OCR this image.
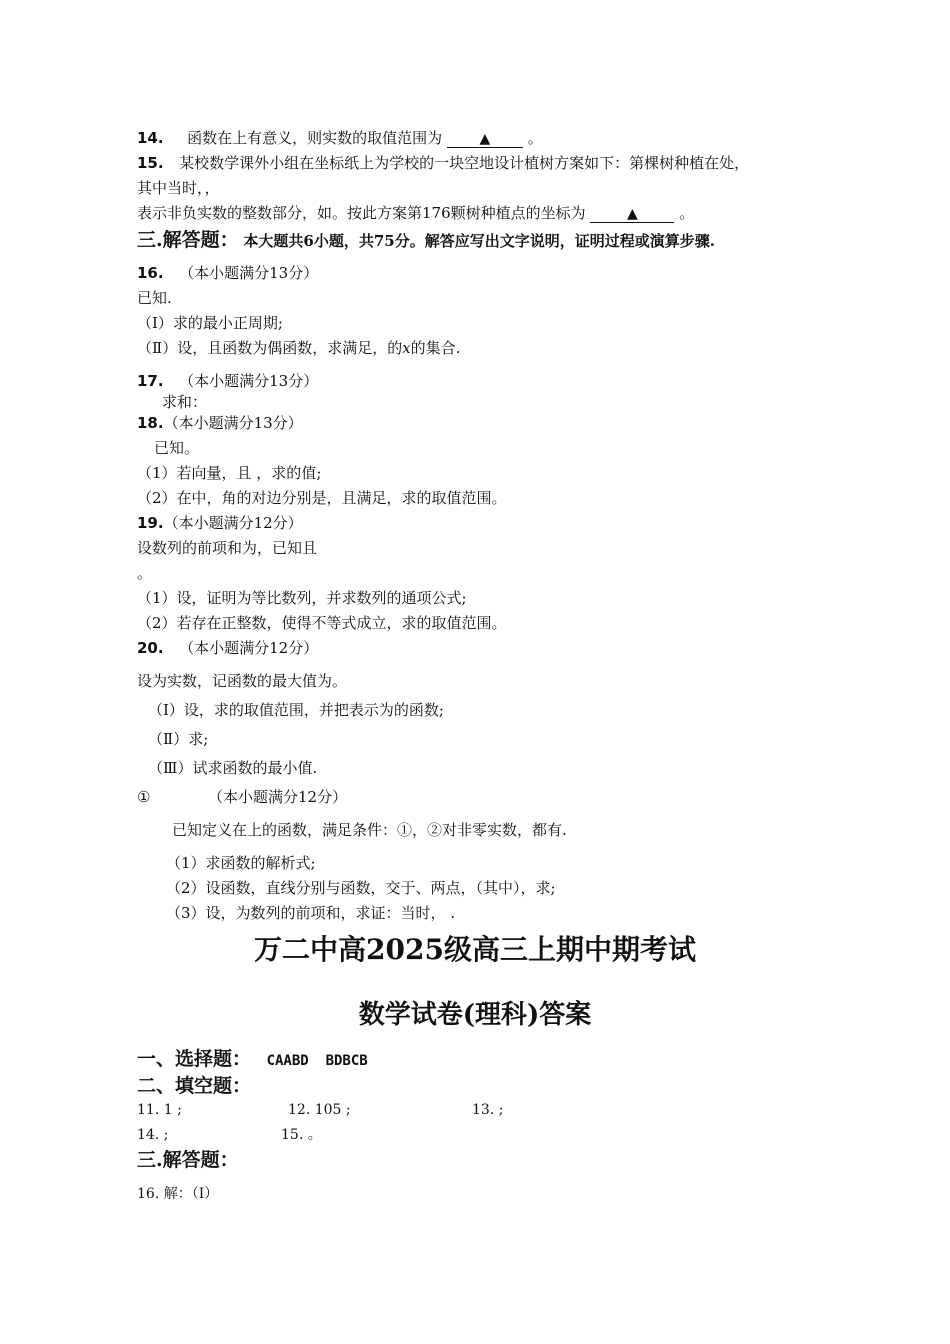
14. 函数在上有意义，则实数的取值范围为	▲ 。
15. 某校数学课外小组在坐标纸上为学校的一块空地设计植树方案如下：第棵树种植在处，
其中当时，，
表示非负实数的整数部分，如。按此方案第176颗树种植点的坐标为	▲	。
三.解答题： 本大题共6小题，共75分。解答应写出文字说明，证明过程或演算步骤.
16. （本小题满分13分）
已知.
（Ⅰ）求的最小正周期;
（Ⅱ）设，且函数为偶函数，求满足，的x的集合.
17. （本小题满分13分）
求和：
18.（本小题满分13分）
已知。
（1）若向量，且 ，求的值;
（2）在中，角的对边分别是，且满足，求的取值范围。
19.（本小题满分12分）
设数列的前项和为，已知且
。
（1）设，证明为等比数列，并求数列的通项公式;
（2）若存在正整数，使得不等式成立，求的取值范围。
20. （本小题满分12分）
设为实数，记函数的最大值为。
（Ⅰ）设，求的取值范围，并把表示为的函数;
（Ⅱ）求;
（Ⅲ）试求函数的最小值.
①	（本小题满分12分）
已知定义在上的函数，满足条件：①，②对非零实数，都有.
（1）求函数的解析式;
（2）设函数，直线分别与函数，交于、两点，（其中），求;
（3）设，为数列的前项和，求证：当时， .
万二中高2025级高三上期中期考试
数学试卷(理科)答案
一、选择题： CAABD  BDBCB
二、填空题：
11. 1 ;	12. 105 ;	13. ;
14. ;	15. 。
三.解答题：
16. 解：（Ⅰ）
